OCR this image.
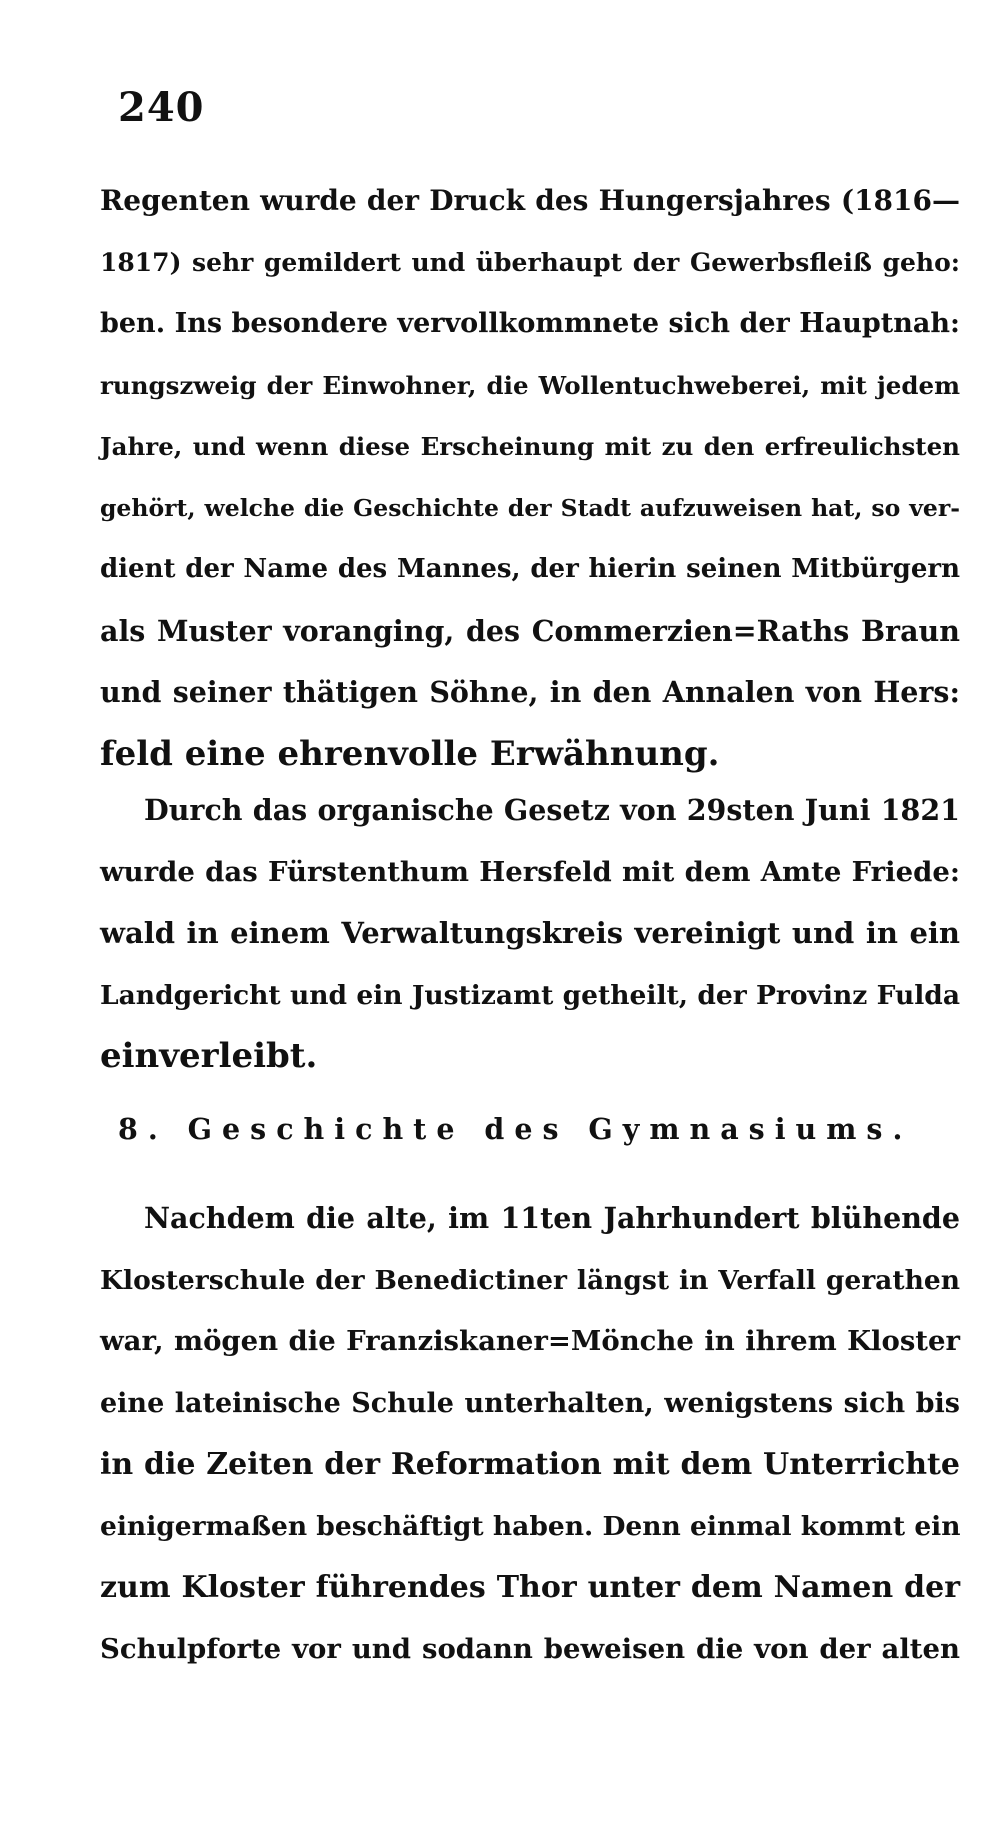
240
Regenten wurde der Druck des Hungersjahres (1816—
1817) sehr gemildert und überhaupt der Gewerbsfleiß geho:
ben. Ins besondere vervollkommnete sich der Hauptnah:
rungszweig der Einwohner, die Wollentuchweberei, mit jedem
Jahre, und wenn diese Erscheinung mit zu den erfreulichsten
gehört, welche die Geschichte der Stadt aufzuweisen hat, so ver-
dient der Name des Mannes, der hierin seinen Mitbürgern
als Muster voranging, des Commerzien=Raths Braun
und seiner thätigen Söhne, in den Annalen von Hers:
feld eine ehrenvolle Erwähnung.
Durch das organische Gesetz von 29sten Juni 1821
wurde das Fürstenthum Hersfeld mit dem Amte Friede:
wald in einem Verwaltungskreis vereinigt und in ein
Landgericht und ein Justizamt getheilt, der Provinz Fulda
einverleibt.
8. Geschichte des Gymnasiums.
Nachdem die alte, im 11ten Jahrhundert blühende
Klosterschule der Benedictiner längst in Verfall gerathen
war, mögen die Franziskaner=Mönche in ihrem Kloster
eine lateinische Schule unterhalten, wenigstens sich bis
in die Zeiten der Reformation mit dem Unterrichte
einigermaßen beschäftigt haben. Denn einmal kommt ein
zum Kloster führendes Thor unter dem Namen der
Schulpforte vor und sodann beweisen die von der alten
